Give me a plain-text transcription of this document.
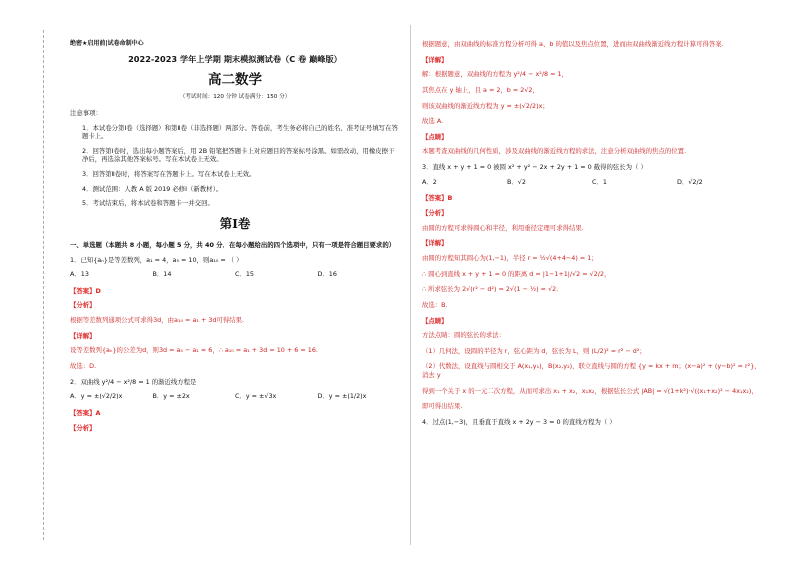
绝密★启用前|试卷命制中心
2022-2023 学年上学期 期末模拟测试卷（C 卷 巅峰版）
高二数学
（考试时间：120 分钟 试卷满分：150 分）
注意事项：
1．本试卷分第Ⅰ卷（选择题）和第Ⅱ卷（非选择题）两部分。答卷前，考生务必将自己的姓名、准考证号填写在答题卡上。
2．回答第Ⅰ卷时，选出每小题答案后，用 2B 铅笔把答题卡上对应题目的答案标号涂黑。如需改动，用橡皮擦干净后，再选涂其他答案标号。写在本试卷上无效。
3．回答第Ⅱ卷时，将答案写在答题卡上。写在本试卷上无效。
4．测试范围：人教 A 版 2019 必修Ⅰ（新教材）。
5．考试结束后，将本试卷和答题卡一并交回。
第Ⅰ卷
一、单选题（本题共 8 小题，每小题 5 分，共 40 分．在每小题给出的四个选项中，只有一项是符合题目要求的）
1．已知{aₙ}是等差数列，a₁ = 4，a₅ = 10，则a₁₀ = （ ）
A．13	B．14	C．15	D．16
【答案】D
【分析】
根据等差数列通项公式可求得3d，由a₁₀ = a₁ + 3d可得结果.
【详解】
设等差数列{aₙ}的公差为d，则3d = a₅ − a₁ = 6，∴ a₁₀ = a₁ + 3d = 10 + 6 = 16.
故选：D.
2．双曲线 y²/4 − x²/8 = 1 的渐近线方程是
A．y = ±(√2/2)x	B．y = ±2x	C．y = ±√3x	D．y = ±(1/2)x
【答案】A
【分析】
根据题意，由双曲线的标准方程分析可得 a、b 的值以及焦点位置，进而由双曲线渐近线方程计算可得答案.
【详解】
解：根据题意，双曲线的方程为 y²/4 − x²/8 = 1，
其焦点在 y 轴上，且 a = 2，b = 2√2，
则该双曲线的渐近线方程为 y = ±(√2/2)x；
故选 A.
【点睛】
本题考查双曲线的几何性质，涉及双曲线的渐近线方程的求法，注意分析双曲线的焦点的位置.
3．直线 x + y + 1 = 0 被圆 x² + y² − 2x + 2y + 1 = 0 截得的弦长为（ ）
A．2	B．√2	C．1	D．√2/2
【答案】B
【分析】
由圆的方程可求得圆心和半径，利用垂径定理可求得结果.
【详解】
由圆的方程知其圆心为(1,−1)，半径 r = ½√(4+4−4) = 1；
∴ 圆心到直线 x + y + 1 = 0 的距离 d = |1−1+1|/√2 = √2/2，
∴ 所求弦长为 2√(r² − d²) = 2√(1 − ½) = √2.
故选：B.
【点睛】
方法点睛：圆的弦长的求法：
（1）几何法，设圆的半径为 r，弦心距为 d，弦长为 L，则 (L/2)² = r² − d²；
（2）代数法，设直线与圆相交于 A(x₁,y₁)，B(x₂,y₂)，联立直线与圆的方程 {y = kx + m；(x−a)² + (y−b)² = r²}，消去 y
得到一个关于 x 的一元二次方程，从而可求出 x₁ + x₂，x₁x₂，根据弦长公式 |AB| = √(1+k²)·√((x₁+x₂)² − 4x₁x₂)，
即可得出结果.
4．过点(1,−3)，且垂直于直线 x + 2y − 3 = 0 的直线方程为（ ）
